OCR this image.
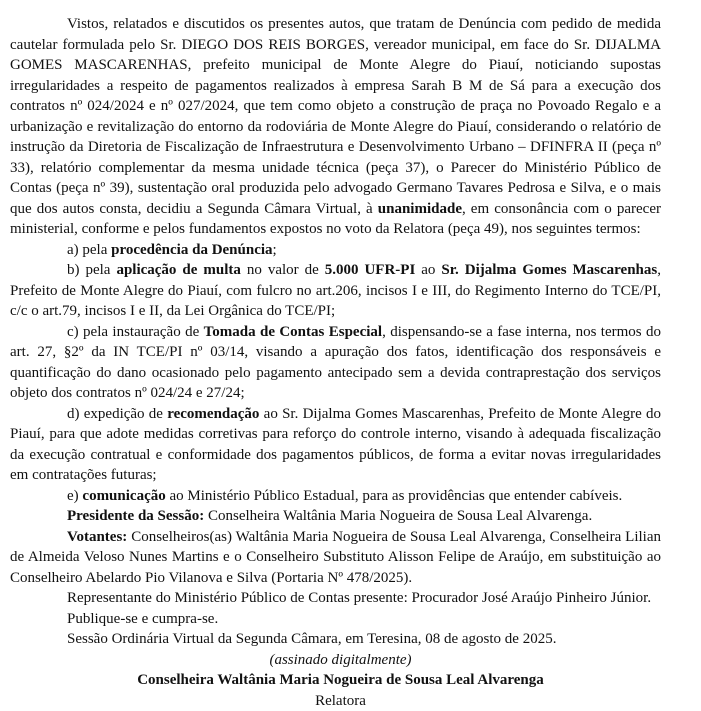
Vistos, relatados e discutidos os presentes autos, que tratam de Denúncia com pedido de medida cautelar formulada pelo Sr. DIEGO DOS REIS BORGES, vereador municipal, em face do Sr. DIJALMA GOMES MASCARENHAS, prefeito municipal de Monte Alegre do Piauí, noticiando supostas irregularidades a respeito de pagamentos realizados à empresa Sarah B M de Sá para a execução dos contratos nº 024/2024 e nº 027/2024, que tem como objeto a construção de praça no Povoado Regalo e a urbanização e revitalização do entorno da rodoviária de Monte Alegre do Piauí, considerando o relatório de instrução da Diretoria de Fiscalização de Infraestrutura e Desenvolvimento Urbano – DFINFRA II (peça nº 33), relatório complementar da mesma unidade técnica (peça 37), o Parecer do Ministério Público de Contas (peça nº 39), sustentação oral produzida pelo advogado Germano Tavares Pedrosa e Silva, e o mais que dos autos consta, decidiu a Segunda Câmara Virtual, à unanimidade, em consonância com o parecer ministerial, conforme e pelos fundamentos expostos no voto da Relatora (peça 49), nos seguintes termos:

a) pela procedência da Denúncia;

b) pela aplicação de multa no valor de 5.000 UFR-PI ao Sr. Dijalma Gomes Mascarenhas, Prefeito de Monte Alegre do Piauí, com fulcro no art.206, incisos I e III, do Regimento Interno do TCE/PI, c/c o art.79, incisos I e II, da Lei Orgânica do TCE/PI;

c) pela instauração de Tomada de Contas Especial, dispensando-se a fase interna, nos termos do art. 27, §2º da IN TCE/PI nº 03/14, visando a apuração dos fatos, identificação dos responsáveis e quantificação do dano ocasionado pelo pagamento antecipado sem a devida contraprestação dos serviços objeto dos contratos nº 024/24 e 27/24;

d) expedição de recomendação ao Sr. Dijalma Gomes Mascarenhas, Prefeito de Monte Alegre do Piauí, para que adote medidas corretivas para reforço do controle interno, visando à adequada fiscalização da execução contratual e conformidade dos pagamentos públicos, de forma a evitar novas irregularidades em contratações futuras;

e) comunicação ao Ministério Público Estadual, para as providências que entender cabíveis.

Presidente da Sessão: Conselheira Waltânia Maria Nogueira de Sousa Leal Alvarenga.

Votantes: Conselheiros(as) Waltânia Maria Nogueira de Sousa Leal Alvarenga, Conselheira Lilian de Almeida Veloso Nunes Martins e o Conselheiro Substituto Alisson Felipe de Araújo, em substituição ao Conselheiro Abelardo Pio Vilanova e Silva (Portaria Nº 478/2025).

Representante do Ministério Público de Contas presente: Procurador José Araújo Pinheiro Júnior.

Publique-se e cumpra-se.

Sessão Ordinária Virtual da Segunda Câmara, em Teresina, 08 de agosto de 2025.

(assinado digitalmente)

Conselheira Waltânia Maria Nogueira de Sousa Leal Alvarenga

Relatora
